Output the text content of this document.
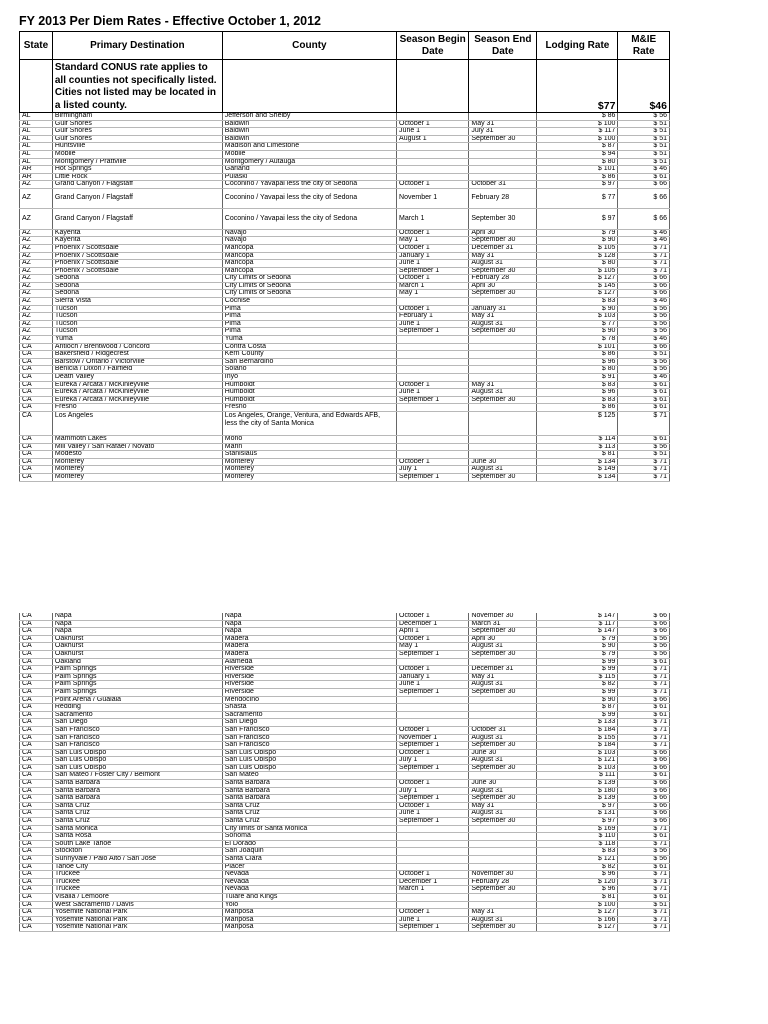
FY 2013 Per Diem Rates - Effective October 1, 2012
State	Primary Destination	County	Season Begin Date	Season End Date	Lodging Rate	M&IE Rate
	Standard CONUS rate applies to all counties not specifically listed. Cities not listed may be located in a listed county.				$77	$46
AL	Birmingham	Jefferson and Shelby			$ 86	$ 56
AL	Gulf Shores	Baldwin	October 1	May 31	$ 100	$ 51
AL	Gulf Shores	Baldwin	June 1	July 31	$ 117	$ 51
AL	Gulf Shores	Baldwin	August 1	September 30	$ 100	$ 51
AL	Huntsville	Madison and Limestone			$ 87	$ 51
AL	Mobile	Mobile			$ 94	$ 51
AL	Montgomery / Prattville	Montgomery / Autauga			$ 80	$ 51
AR	Hot Springs	Garland			$ 101	$ 46
AR	Little Rock	Pulaski			$ 86	$ 61
AZ	Grand Canyon / Flagstaff	Coconino / Yavapai less the city of Sedona	October 1	October 31	$ 97	$ 66
AZ	Grand Canyon / Flagstaff	Coconino / Yavapai less the city of Sedona	November 1	February 28	$ 77	$ 66
AZ	Grand Canyon / Flagstaff	Coconino / Yavapai less the city of Sedona	March 1	September 30	$ 97	$ 66
AZ	Kayenta	Navajo	October 1	April 30	$ 79	$ 46
AZ	Kayenta	Navajo	May 1	September 30	$ 90	$ 46
AZ	Phoenix / Scottsdale	Maricopa	October 1	December 31	$ 105	$ 71
AZ	Phoenix / Scottsdale	Maricopa	January 1	May 31	$ 128	$ 71
AZ	Phoenix / Scottsdale	Maricopa	June 1	August 31	$ 80	$ 71
AZ	Phoenix / Scottsdale	Maricopa	September 1	September 30	$ 105	$ 71
AZ	Sedona	City Limits of Sedona	October 1	February 28	$ 127	$ 66
AZ	Sedona	City Limits of Sedona	March 1	April 30	$ 145	$ 66
AZ	Sedona	City Limits of Sedona	May 1	September 30	$ 127	$ 66
AZ	Sierra Vista	Cochise			$ 83	$ 46
AZ	Tucson	Pima	October 1	January 31	$ 90	$ 56
AZ	Tucson	Pima	February 1	May 31	$ 103	$ 56
AZ	Tucson	Pima	June 1	August 31	$ 77	$ 56
AZ	Tucson	Pima	September 1	September 30	$ 90	$ 56
AZ	Yuma	Yuma			$ 78	$ 46
CA	Antioch / Brentwood / Concord	Contra Costa			$ 101	$ 66
CA	Bakersfield / Ridgecrest	Kern County			$ 86	$ 51
CA	Barstow / Ontario / Victorville	San Bernardino			$ 96	$ 56
CA	Benicia / Dixon / Fairfield	Solano			$ 80	$ 56
CA	Death Valley	Inyo			$ 91	$ 46
CA	Eureka / Arcata / McKinleyville	Humboldt	October 1	May 31	$ 83	$ 61
CA	Eureka / Arcata / McKinleyville	Humboldt	June 1	August 31	$ 96	$ 61
CA	Eureka / Arcata / McKinleyville	Humboldt	September 1	September 30	$ 83	$ 61
CA	Fresno	Fresno			$ 86	$ 61
CA	Los Angeles	Los Angeles, Orange, Ventura, and Edwards AFB, less the city of Santa Monica			$ 125	$ 71
CA	Mammoth Lakes	Mono			$ 114	$ 61
CA	Mill Valley / San Rafael / Novato	Marin			$ 113	$ 56
CA	Modesto	Stanislaus			$ 81	$ 51
CA	Monterey	Monterey	October 1	June 30	$ 134	$ 71
CA	Monterey	Monterey	July 1	August 31	$ 149	$ 71
CA	Monterey	Monterey	September 1	September 30	$ 134	$ 71
CA	Napa	Napa	October 1	November 30	$ 147	$ 66
CA	Napa	Napa	December 1	March 31	$ 117	$ 66
CA	Napa	Napa	April 1	September 30	$ 147	$ 66
CA	Oakhurst	Madera	October 1	April 30	$ 79	$ 56
CA	Oakhurst	Madera	May 1	August 31	$ 90	$ 56
CA	Oakhurst	Madera	September 1	September 30	$ 79	$ 56
CA	Oakland	Alameda			$ 99	$ 61
CA	Palm Springs	Riverside	October 1	December 31	$ 99	$ 71
CA	Palm Springs	Riverside	January 1	May 31	$ 115	$ 71
CA	Palm Springs	Riverside	June 1	August 31	$ 82	$ 71
CA	Palm Springs	Riverside	September 1	September 30	$ 99	$ 71
CA	Point Arena / Gualala	Mendocino			$ 90	$ 66
CA	Redding	Shasta			$ 87	$ 61
CA	Sacramento	Sacramento			$ 99	$ 61
CA	San Diego	San Diego			$ 133	$ 71
CA	San Francisco	San Francisco	October 1	October 31	$ 184	$ 71
CA	San Francisco	San Francisco	November 1	August 31	$ 155	$ 71
CA	San Francisco	San Francisco	September 1	September 30	$ 184	$ 71
CA	San Luis Obispo	San Luis Obispo	October 1	June 30	$ 103	$ 66
CA	San Luis Obispo	San Luis Obispo	July 1	August 31	$ 121	$ 66
CA	San Luis Obispo	San Luis Obispo	September 1	September 30	$ 103	$ 66
CA	San Mateo / Foster City / Belmont	San Mateo			$ 111	$ 61
CA	Santa Barbara	Santa Barbara	October 1	June 30	$ 139	$ 66
CA	Santa Barbara	Santa Barbara	July 1	August 31	$ 180	$ 66
CA	Santa Barbara	Santa Barbara	September 1	September 30	$ 139	$ 66
CA	Santa Cruz	Santa Cruz	October 1	May 31	$ 97	$ 66
CA	Santa Cruz	Santa Cruz	June 1	August 31	$ 131	$ 66
CA	Santa Cruz	Santa Cruz	September 1	September 30	$ 97	$ 66
CA	Santa Monica	City limits of Santa Monica			$ 169	$ 71
CA	Santa Rosa	Sonoma			$ 110	$ 61
CA	South Lake Tahoe	El Dorado			$ 118	$ 71
CA	Stockton	San Joaquin			$ 83	$ 56
CA	Sunnyvale / Palo Alto / San Jose	Santa Clara			$ 121	$ 56
CA	Tahoe City	Placer			$ 82	$ 61
CA	Truckee	Nevada	October 1	November 30	$ 96	$ 71
CA	Truckee	Nevada	December 1	February 28	$ 120	$ 71
CA	Truckee	Nevada	March 1	September 30	$ 96	$ 71
CA	Visalia / Lemoore	Tulare and Kings			$ 81	$ 61
CA	West Sacramento / Davis	Yolo			$ 100	$ 51
CA	Yosemite National Park	Mariposa	October 1	May 31	$ 127	$ 71
CA	Yosemite National Park	Mariposa	June 1	August 31	$ 166	$ 71
CA	Yosemite National Park	Mariposa	September 1	September 30	$ 127	$ 71
